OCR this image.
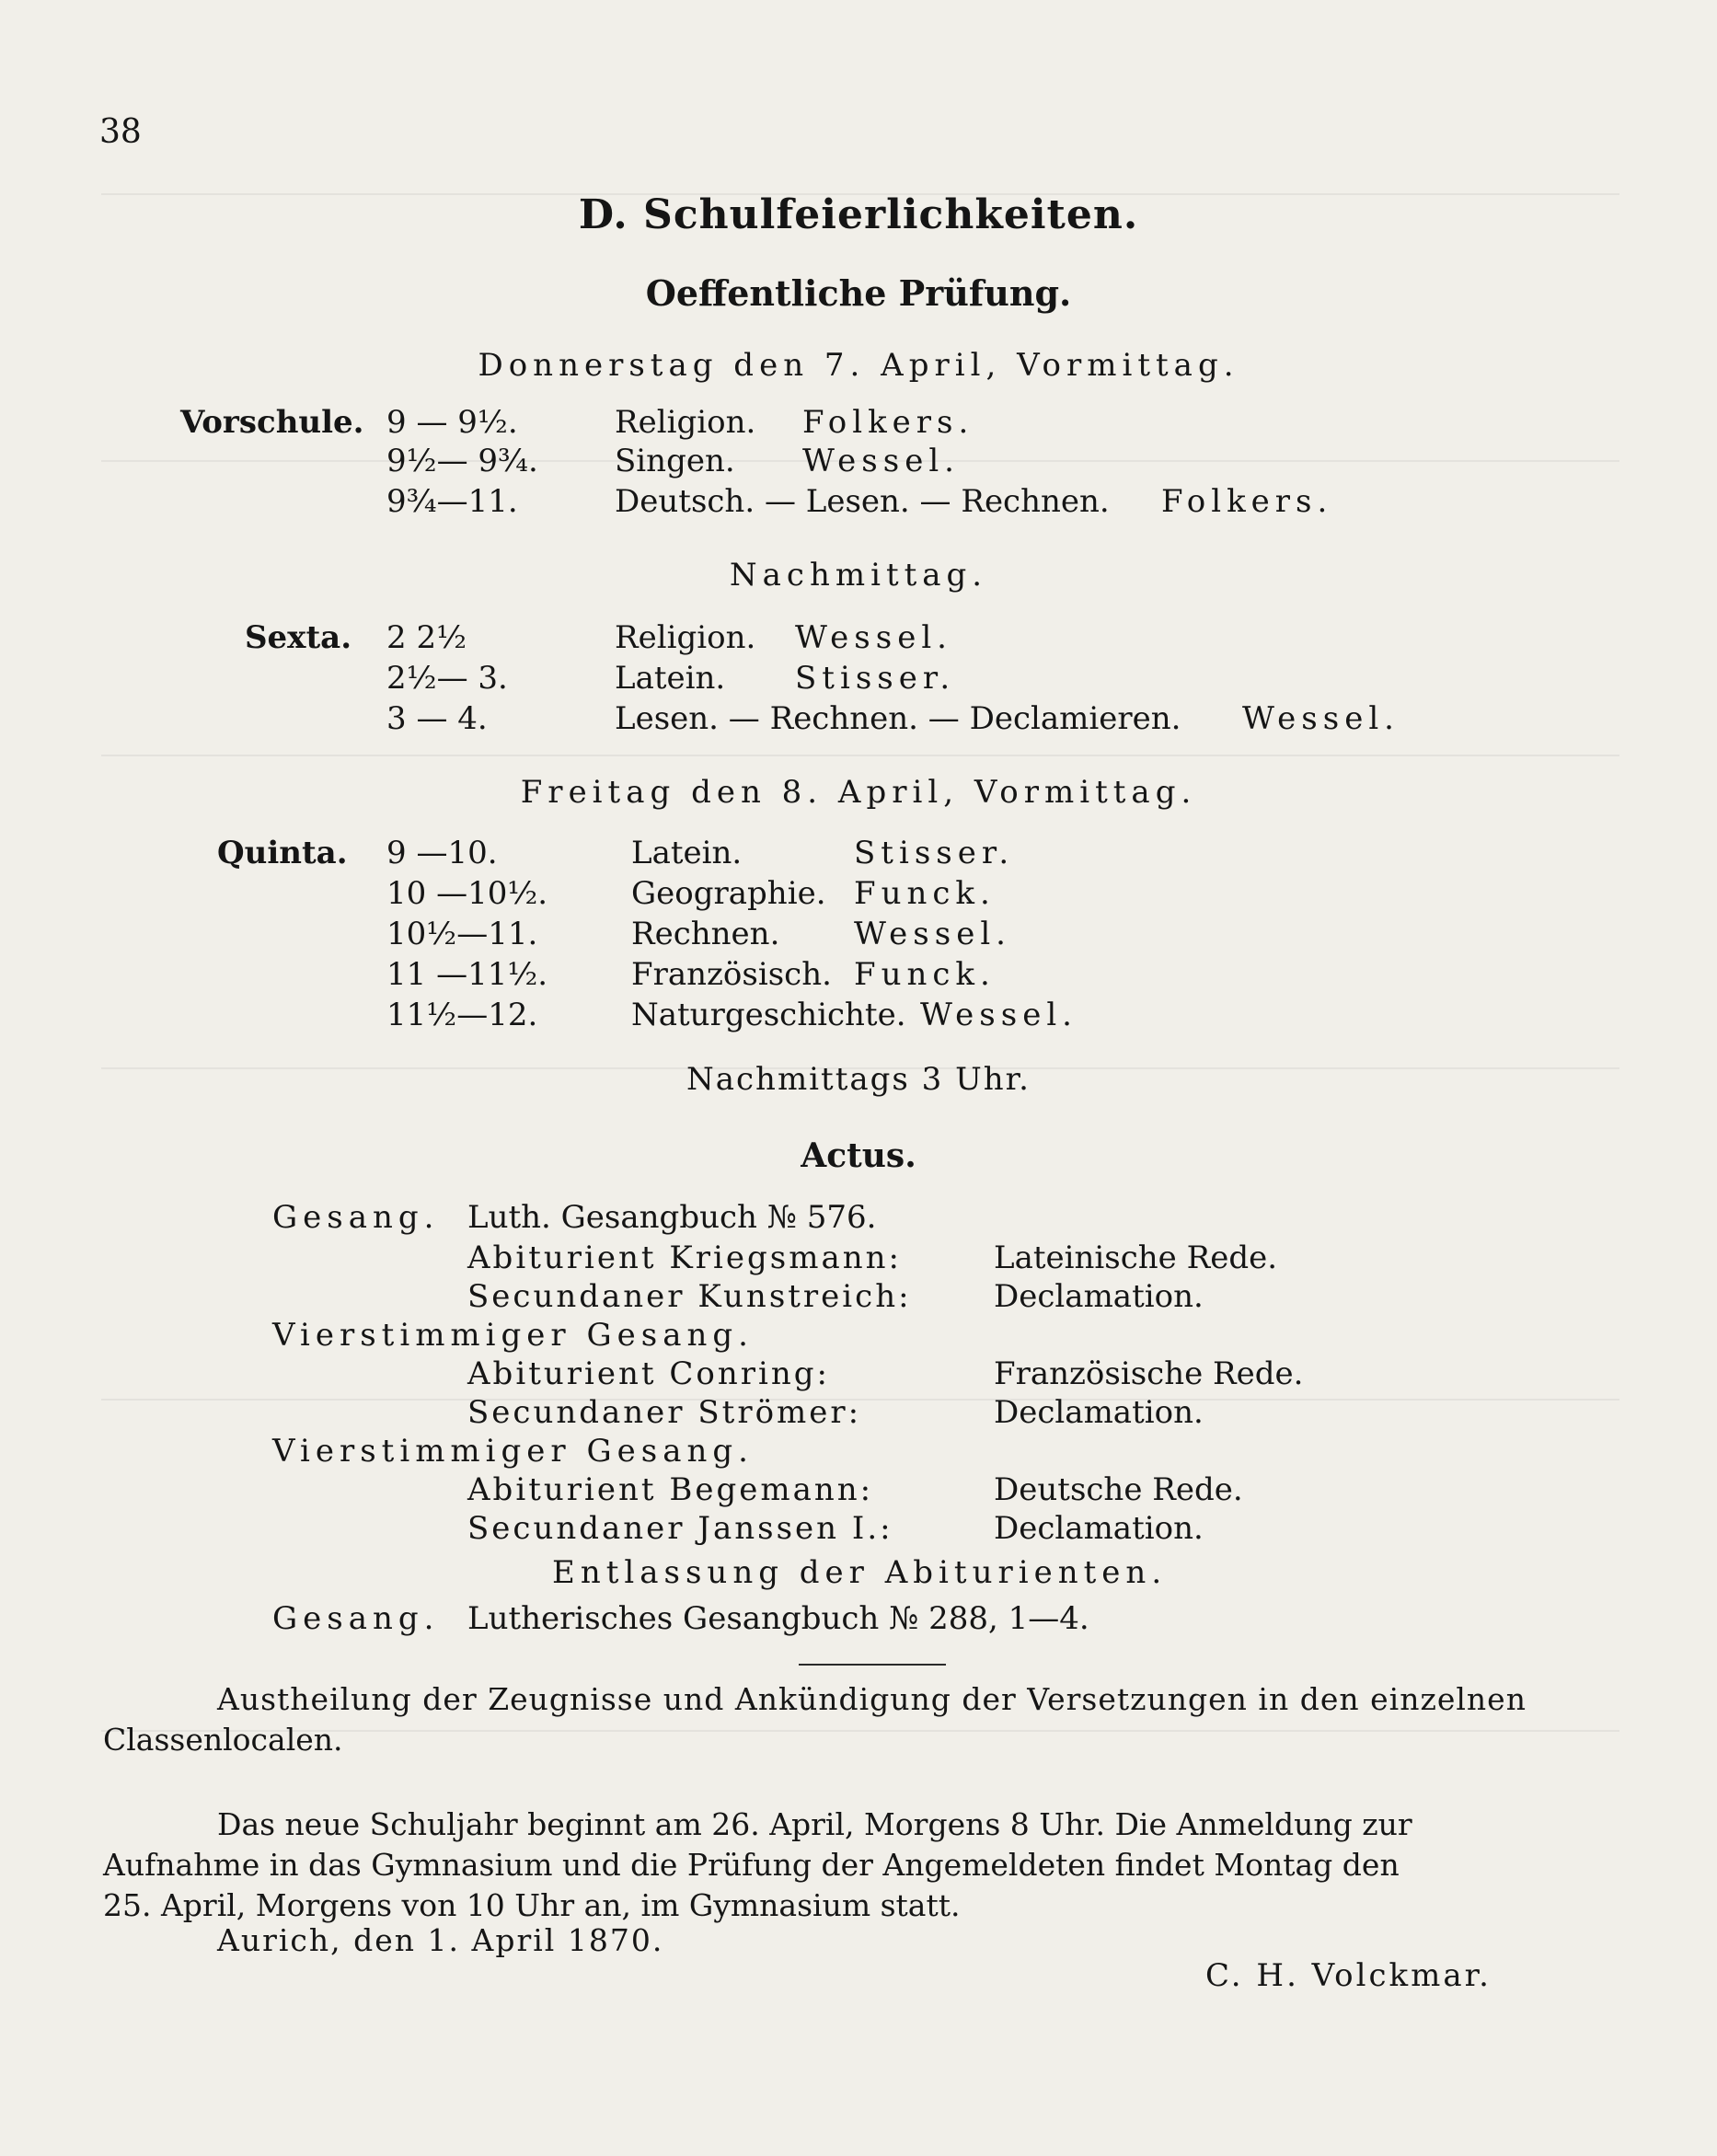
38
D. Schulfeierlichkeiten.
Oeffentliche Prüfung.
Donnerstag den 7. April, Vormittag.
Vorschule. 9 — 9½.	Religion. Folkers.
9½— 9¾. Singen. Wessel.
9¾—11.	Deutsch. — Lesen. — Rechnen. Folkers.
Nachmittag.
Sexta. 2 2½	Religion. Wessel.
2½— 3.	Latein. Stisser.
3 — 4.	Lesen. — Rechnen. — Declamieren. Wessel.
Freitag den 8. April, Vormittag.
Quinta. 9 —10.	Latein.	Stisser.
10 —10½.	Geographie. Funck.
10½—11.	Rechnen. Wessel.
11 —11½.	Französisch. Funck.
11½—12.	Naturgeschichte. Wessel.
Nachmittags 3 Uhr.
Actus.
Gesang. Luth. Gesangbuch № 576.
Abiturient Kriegsmann:	Lateinische Rede.
Secundaner Kunstreich:	Declamation.
Vierstimmiger Gesang.
Abiturient Conring:	Französische Rede.
Secundaner Strömer:	Declamation.
Vierstimmiger Gesang.
Abiturient Begemann:	Deutsche Rede.
Secundaner Janssen I.:	Declamation.
Entlassung der Abiturienten.
Gesang. Lutherisches Gesangbuch № 288, 1—4.
Austheilung der Zeugnisse und Ankündigung der Versetzungen in den einzelnen
Classenlocalen.
Das neue Schuljahr beginnt am 26. April, Morgens 8 Uhr. Die Anmeldung zur
Aufnahme in das Gymnasium und die Prüfung der Angemeldeten findet Montag den
25. April, Morgens von 10 Uhr an, im Gymnasium statt.
Aurich, den 1. April 1870.
C. H. Volckmar.
